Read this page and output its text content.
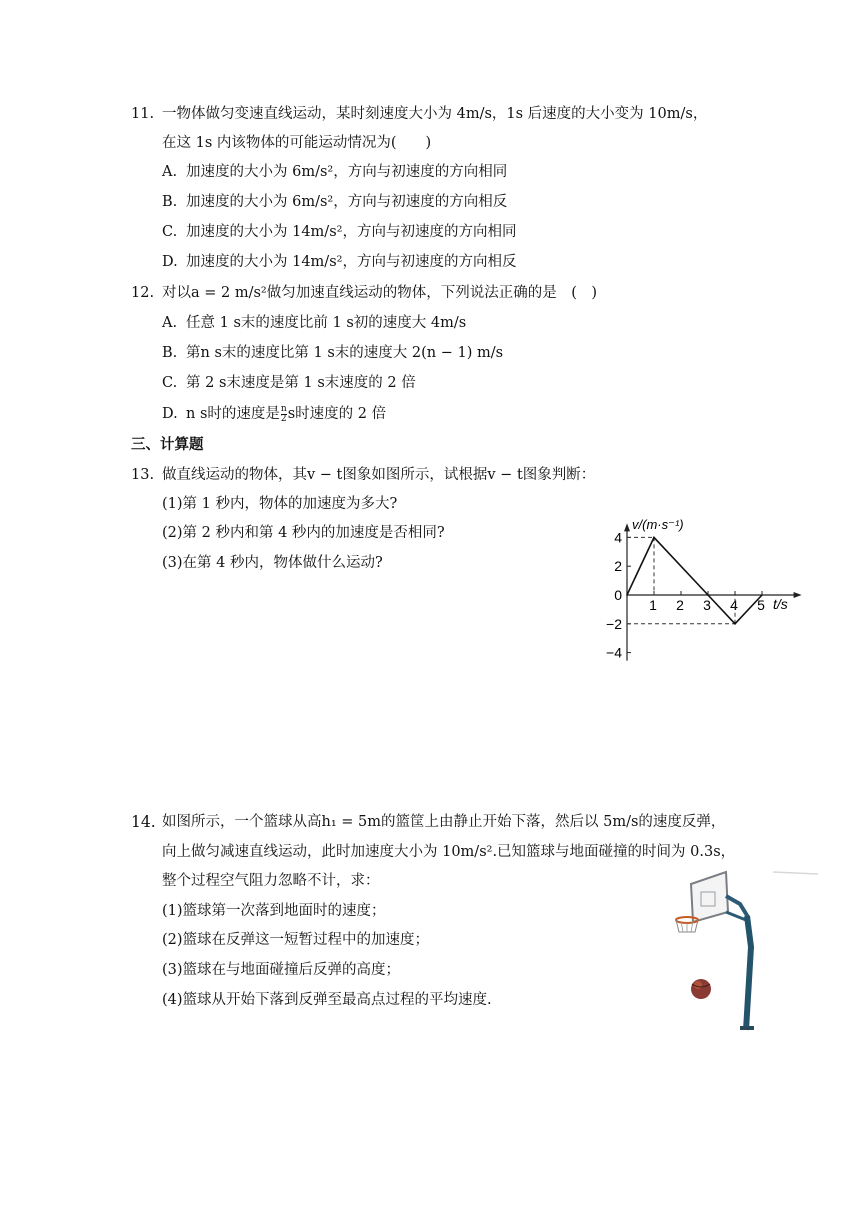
11. 一物体做匀变速直线运动，某时刻速度大小为 4m/s，1s 后速度的大小变为 10m/s，
在这 1s 内该物体的可能运动情况为(　　)
A. 加速度的大小为 6m/s²，方向与初速度的方向相同
B. 加速度的大小为 6m/s²，方向与初速度的方向相反
C. 加速度的大小为 14m/s²，方向与初速度的方向相同
D. 加速度的大小为 14m/s²，方向与初速度的方向相反
12. 对以a = 2 m/s²做匀加速直线运动的物体，下列说法正确的是　(　)
A. 任意 1 s末的速度比前 1 s初的速度大 4m/s
B. 第n s末的速度比第 1 s末的速度大 2(n − 1) m/s
C. 第 2 s末速度是第 1 s末速度的 2 倍
D. n s时的速度是 $\frac{n}{2}$ s时速度的 2 倍
三、计算题
13. 做直线运动的物体，其v − t图象如图所示，试根据v − t图象判断：
(1)第 1 秒内，物体的加速度为多大?
(2)第 2 秒内和第 4 秒内的加速度是否相同?
(3)在第 4 秒内，物体做什么运动?
4
2
0
−2
−4
1 2 3 4 5
v/(m·s⁻¹)
t/s
14. 如图所示，一个篮球从高h₁ = 5m的篮筐上由静止开始下落，然后以 5m/s的速度反弹，
向上做匀减速直线运动，此时加速度大小为 10m/s².已知篮球与地面碰撞的时间为 0.3s，
整个过程空气阻力忽略不计，求：
(1)篮球第一次落到地面时的速度；
(2)篮球在反弹这一短暂过程中的加速度；
(3)篮球在与地面碰撞后反弹的高度；
(4)篮球从开始下落到反弹至最高点过程的平均速度.
